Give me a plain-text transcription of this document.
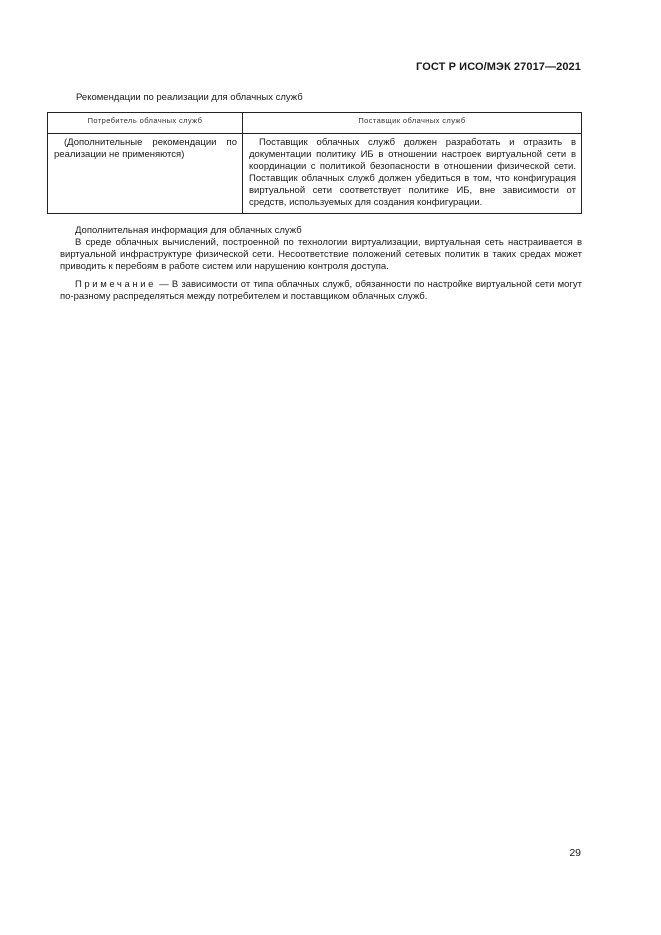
ГОСТ Р ИСО/МЭК 27017—2021
Рекомендации по реализации для облачных служб
Потребитель облачных служб	Поставщик облачных служб
(Дополнительные рекомендации по реализации не применяются)	Поставщик облачных служб должен разработать и отразить в документации политику ИБ в отношении настроек виртуальной сети в координации с политикой безопасности в отношении физической сети. Поставщик облачных служб должен убедиться в том, что конфигурация виртуальной сети соответствует политике ИБ, вне зависимости от средств, используемых для создания конфигурации.

Дополнительная информация для облачных служб

В среде облачных вычислений, построенной по технологии виртуализации, виртуальная сеть настраивается в виртуальной инфраструктуре физической сети. Несоответствие положений сетевых политик в таких средах может приводить к перебоям в работе систем или нарушению контроля доступа.

Примечание — В зависимости от типа облачных служб, обязанности по настройке виртуальной сети могут по-разному распределяться между потребителем и поставщиком облачных служб.

29
